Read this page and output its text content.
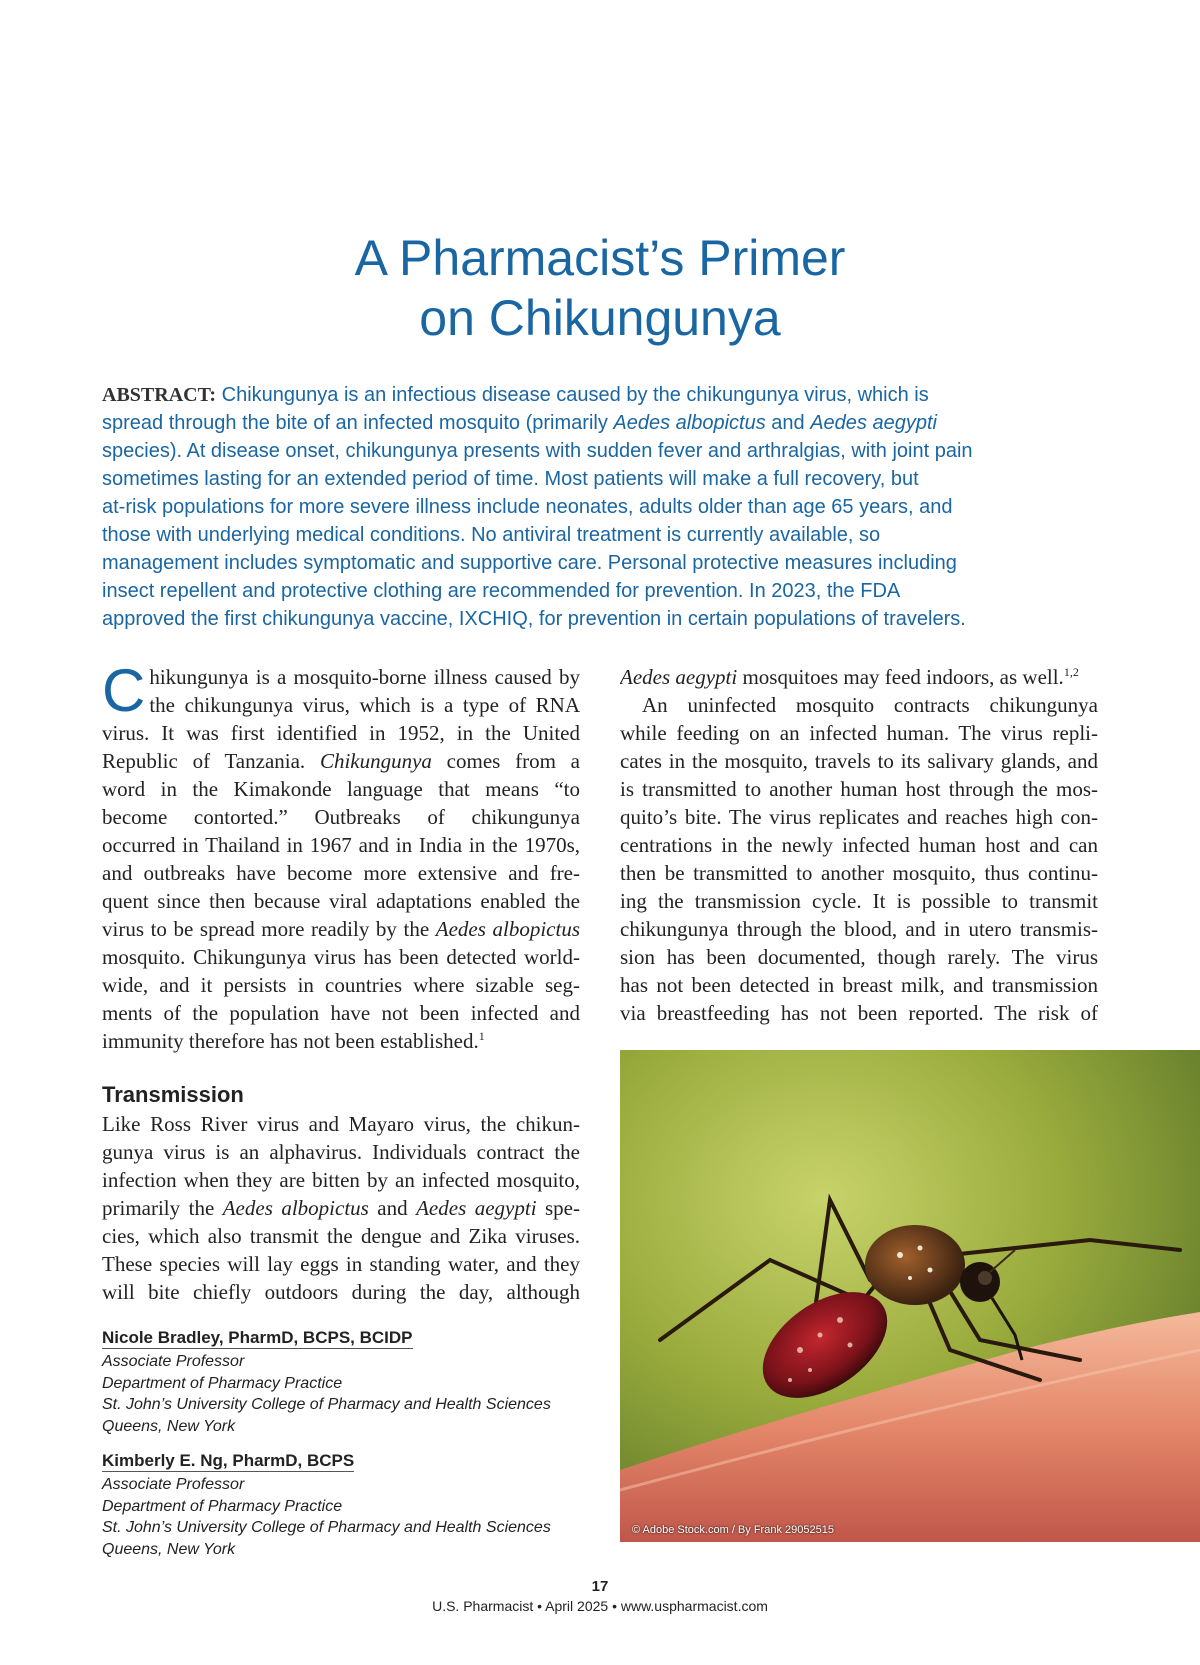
A Pharmacist’s Primer
on Chikungunya
ABSTRACT: Chikungunya is an infectious disease caused by the chikungunya virus, which is
spread through the bite of an infected mosquito (primarily Aedes albopictus and Aedes aegypti
species). At disease onset, chikungunya presents with sudden fever and arthralgias, with joint pain
sometimes lasting for an extended period of time. Most patients will make a full recovery, but
at-risk populations for more severe illness include neonates, adults older than age 65 years, and
those with underlying medical conditions. No antiviral treatment is currently available, so
management includes symptomatic and supportive care. Personal protective measures including
insect repellent and protective clothing are recommended for prevention. In 2023, the FDA
approved the first chikungunya vaccine, IXCHIQ, for prevention in certain populations of travelers.
C hikungunya is a mosquito-borne illness caused by
the chikungunya virus, which is a type of RNA
virus. It was first identified in 1952, in the United
Republic of Tanzania. Chikungunya comes from a
word in the Kimakonde language that means “to
become contorted.” Outbreaks of chikungunya
occurred in Thailand in 1967 and in India in the 1970s,
and outbreaks have become more extensive and fre-
quent since then because viral adaptations enabled the
virus to be spread more readily by the Aedes albopictus
mosquito. Chikungunya virus has been detected world-
wide, and it persists in countries where sizable seg-
ments of the population have not been infected and
immunity therefore has not been established.$^1$
Transmission
Like Ross River virus and Mayaro virus, the chikun-
gunya virus is an alphavirus. Individuals contract the
infection when they are bitten by an infected mosquito,
primarily the Aedes albopictus and Aedes aegypti spe-
cies, which also transmit the dengue and Zika viruses.
These species will lay eggs in standing water, and they
will bite chiefly outdoors during the day, although
Aedes aegypti mosquitoes may feed indoors, as well.$^{1,2}$
An uninfected mosquito contracts chikungunya
while feeding on an infected human. The virus repli-
cates in the mosquito, travels to its salivary glands, and
is transmitted to another human host through the mos-
quito’s bite. The virus replicates and reaches high con-
centrations in the newly infected human host and can
then be transmitted to another mosquito, thus continu-
ing the transmission cycle. It is possible to transmit
chikungunya through the blood, and in utero transmis-
sion has been documented, though rarely. The virus
has not been detected in breast milk, and transmission
via breastfeeding has not been reported. The risk of
Nicole Bradley, PharmD, BCPS, BCIDP
Associate Professor
Department of Pharmacy Practice
St. John’s University College of Pharmacy and Health Sciences
Queens, New York
Kimberly E. Ng, PharmD, BCPS
Associate Professor
Department of Pharmacy Practice
St. John’s University College of Pharmacy and Health Sciences
Queens, New York
© Adobe Stock.com / By Frank 29052515
17
U.S. Pharmacist • April 2025 • www.uspharmacist.com
